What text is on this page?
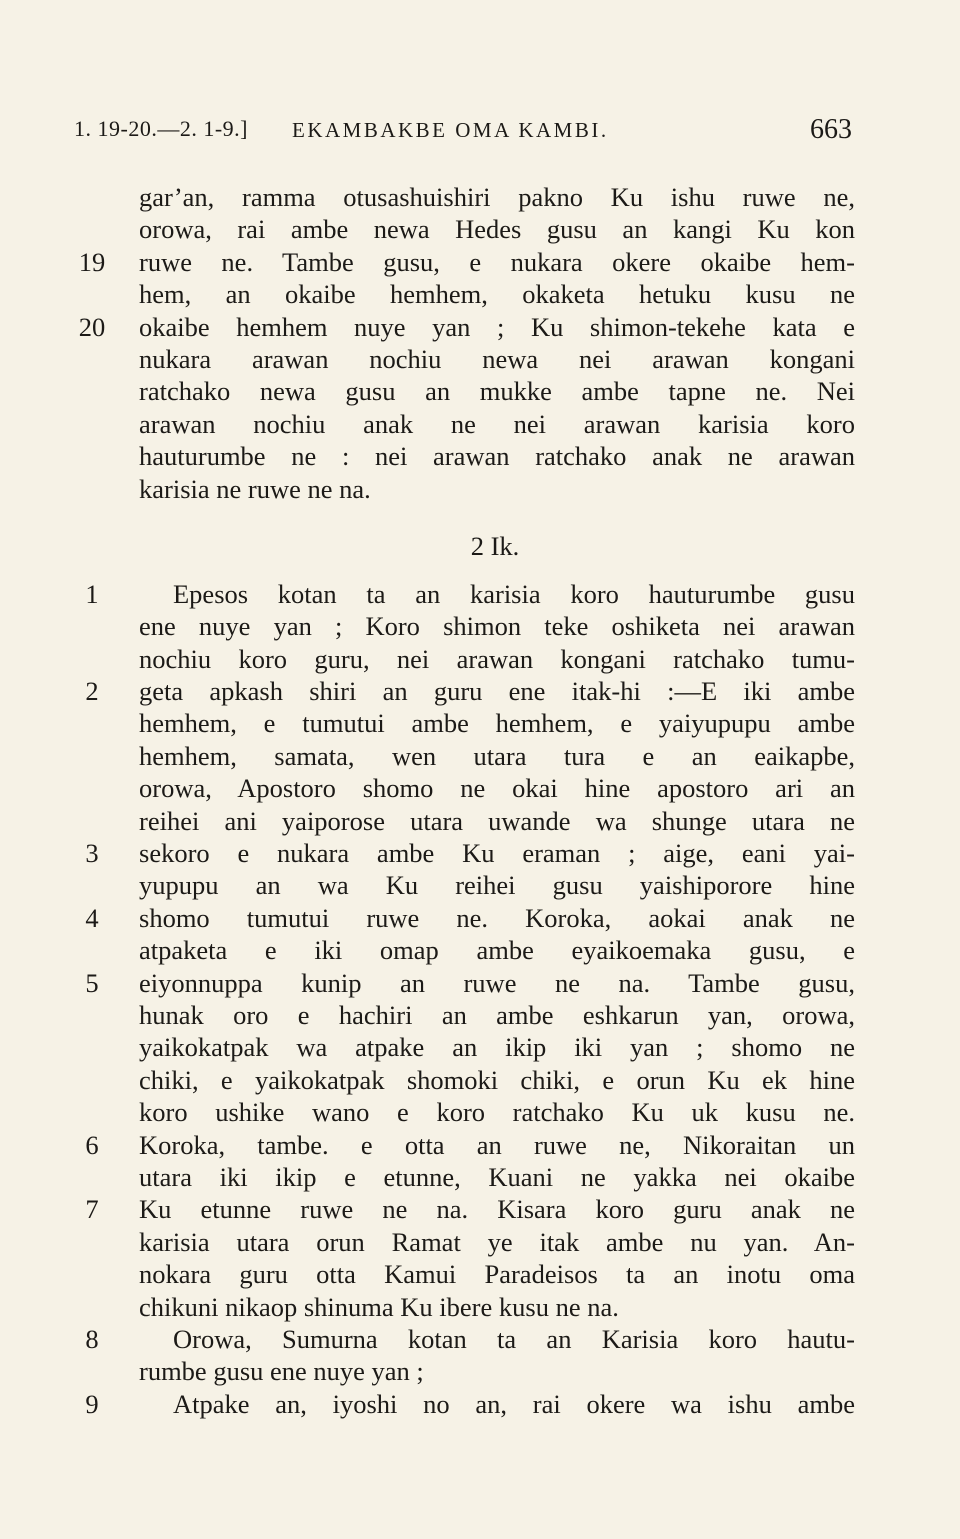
1. 19-20.—2. 1-9.] EKAMBAKBE OMA KAMBI.	663
gar’an, ramma otusashuishiri pakno Ku ishu ruwe ne,
orowa, rai ambe newa Hedes gusu an kangi Ku kon
19 ruwe ne. Tambe gusu, e nukara okere okaibe hem-
hem, an okaibe hemhem, okaketa hetuku kusu ne
20 okaibe hemhem nuye yan ; Ku shimon-tekehe kata e
nukara arawan nochiu newa nei arawan kongani
ratchako newa gusu an mukke ambe tapne ne. Nei
arawan nochiu anak ne nei arawan karisia koro
hauturumbe ne : nei arawan ratchako anak ne arawan
karisia ne ruwe ne na.
2 Ik.
1	Epesos kotan ta an karisia koro hauturumbe gusu
ene nuye yan ; Koro shimon teke oshiketa nei arawan
nochiu koro guru, nei arawan kongani ratchako tumu-
2	geta apkash shiri an guru ene itak-hi :—E iki ambe
hemhem, e tumutui ambe hemhem, e yaiyupupu ambe
hemhem, samata, wen utara tura e an eaikapbe,
orowa, Apostoro shomo ne okai hine apostoro ari an
reihei ani yaiporose utara uwande wa shunge utara ne
3	sekoro e nukara ambe Ku eraman ; aige, eani yai-
yupupu an wa Ku reihei gusu yaishiporore hine
4	shomo tumutui ruwe ne. Koroka, aokai anak ne
atpaketa e iki omap ambe eyaikoemaka gusu, e
5	eiyonnuppa kunip an ruwe ne na. Tambe gusu,
hunak oro e hachiri an ambe eshkarun yan, orowa,
yaikokatpak wa atpake an ikip iki yan ; shomo ne
chiki, e yaikokatpak shomoki chiki, e orun Ku ek hine
koro ushike wano e koro ratchako Ku uk kusu ne.
6	Koroka, tambe. e otta an ruwe ne, Nikoraitan un
utara iki ikip e etunne, Kuani ne yakka nei okaibe
7	Ku etunne ruwe ne na. Kisara koro guru anak ne
karisia utara orun Ramat ye itak ambe nu yan. An-
nokara guru otta Kamui Paradeisos ta an inotu oma
chikuni nikaop shinuma Ku ibere kusu ne na.
8	Orowa, Sumurna kotan ta an Karisia koro hautu-
rumbe gusu ene nuye yan ;
9	Atpake an, iyoshi no an, rai okere wa ishu ambe
